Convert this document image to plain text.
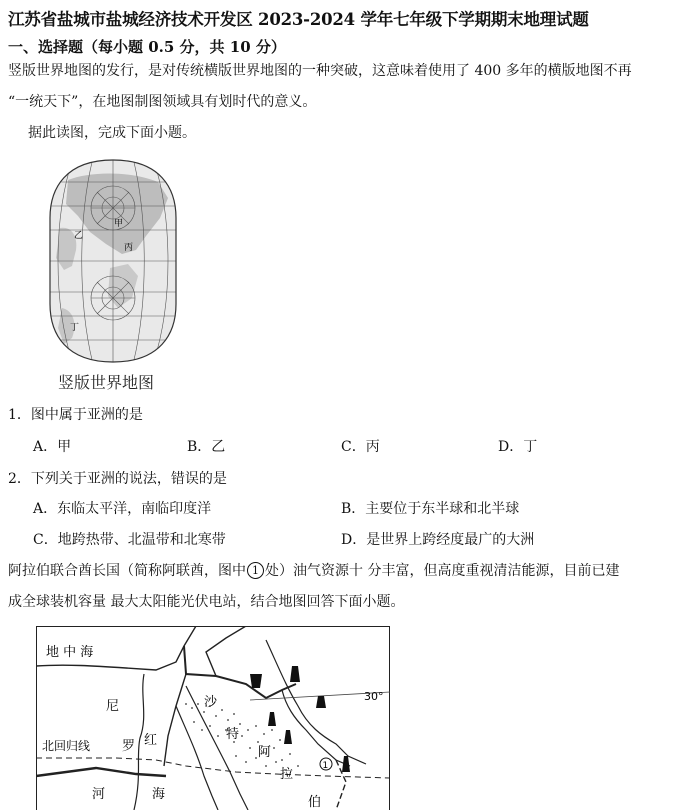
江苏省盐城市盐城经济技术开发区 2023-2024 学年七年级下学期期末地理试题
一、选择题（每小题 0.5 分，共 10 分）
竖版世界地图的发行，是对传统横版世界地图的一种突破，这意味着使用了 400 多年的横版地图不再
“一统天下”，在地图制图领域具有划时代的意义。
据此读图，完成下面小题。
甲
乙
丙
丁
竖版世界地图
1．图中属于亚洲的是
A．甲	B．乙	C．丙	D．丁
2．下列关于亚洲的说法，错误的是
A．东临太平洋，南临印度洋	B．主要位于东半球和北半球
C．地跨热带、北温带和北寒带	D．是世界上跨经度最广的大洲
阿拉伯联合酋长国（简称阿联酋，图中 1 处）油气资源十 分丰富，但高度重视清洁能源，目前已建
成全球装机容量 最大太阳能光伏电站，结合地图回答下面小题。
地 中 海
30°
尼	沙
特
北回归线 罗 红
阿
拉
1
河	海
伯
